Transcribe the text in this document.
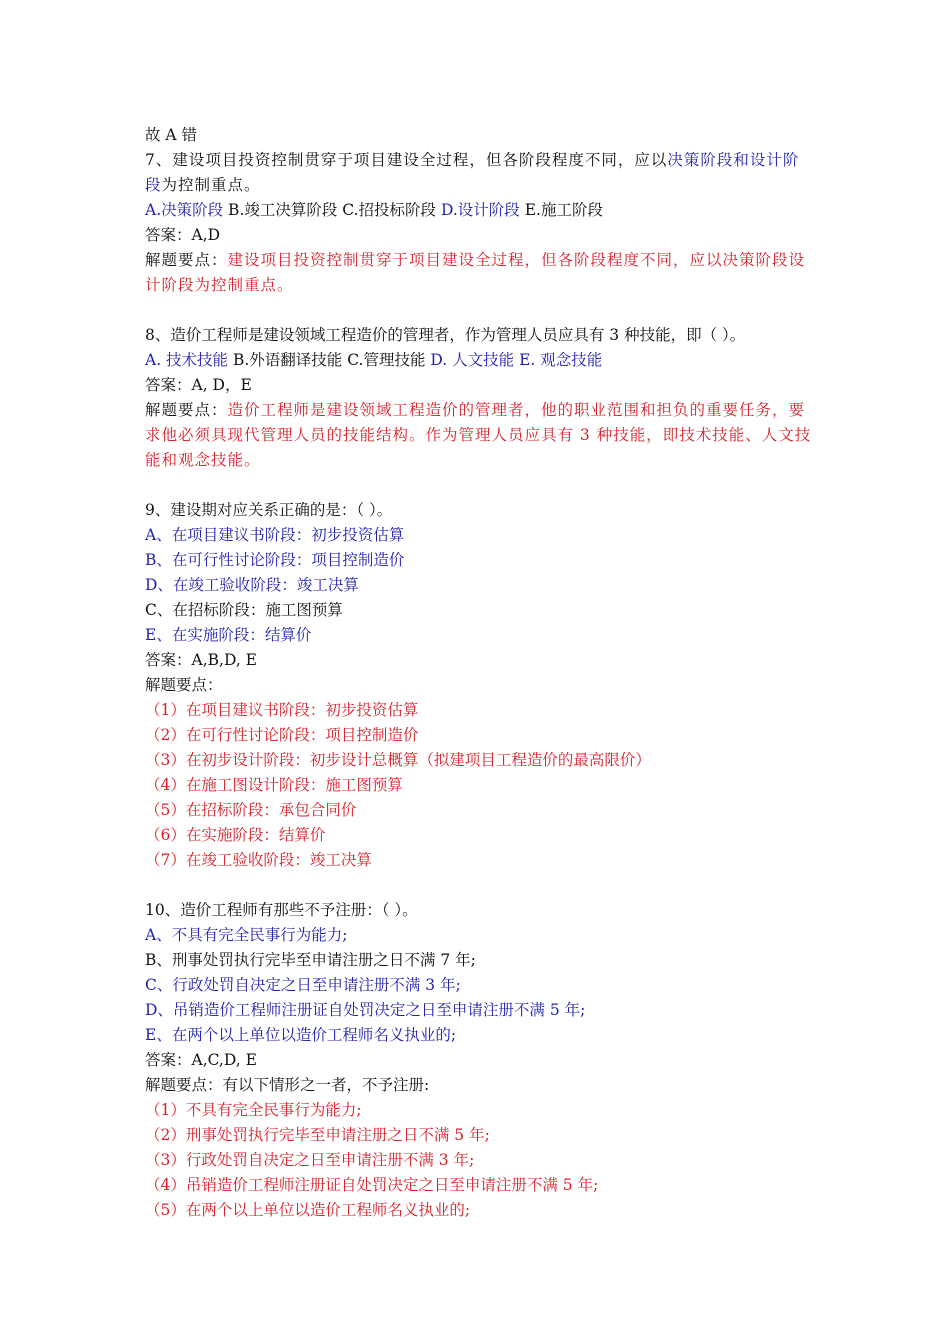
故 A 错

7、建设项目投资控制贯穿于项目建设全过程，但各阶段程度不同，应以决策阶段和设计阶段为控制重点。

A.决策阶段 B.竣工决算阶段 C.招投标阶段 D.设计阶段 E.施工阶段

答案：A,D

解题要点：建设项目投资控制贯穿于项目建设全过程，但各阶段程度不同，应以决策阶段设计阶段为控制重点。

8、造价工程师是建设领域工程造价的管理者，作为管理人员应具有 3 种技能，即（ ）。

A. 技术技能 B.外语翻译技能 C.管理技能 D. 人文技能 E. 观念技能

答案：A, D，E

解题要点：造价工程师是建设领域工程造价的管理者，他的职业范围和担负的重要任务，要求他必须具现代管理人员的技能结构。作为管理人员应具有 3 种技能，即技术技能、人文技能和观念技能。

9、建设期对应关系正确的是：（ ）。

A、在项目建议书阶段：初步投资估算

B、在可行性讨论阶段：项目控制造价

D、在竣工验收阶段：竣工决算

C、在招标阶段：施工图预算

E、在实施阶段：结算价

答案：A,B,D, E

解题要点：

（1）在项目建议书阶段：初步投资估算

（2）在可行性讨论阶段：项目控制造价

（3）在初步设计阶段：初步设计总概算（拟建项目工程造价的最高限价）

（4）在施工图设计阶段：施工图预算

（5）在招标阶段：承包合同价

（6）在实施阶段：结算价

（7）在竣工验收阶段：竣工决算

10、造价工程师有那些不予注册：（ ）。

A、不具有完全民事行为能力;

B、刑事处罚执行完毕至申请注册之日不满 7 年;

C、行政处罚自决定之日至申请注册不满 3 年;

D、吊销造价工程师注册证自处罚决定之日至申请注册不满 5 年;

E、在两个以上单位以造价工程师名义执业的;

答案：A,C,D, E

解题要点：有以下情形之一者，不予注册:

（1）不具有完全民事行为能力;

（2）刑事处罚执行完毕至申请注册之日不满 5 年;

（3）行政处罚自决定之日至申请注册不满 3 年;

（4）吊销造价工程师注册证自处罚决定之日至申请注册不满 5 年;

（5）在两个以上单位以造价工程师名义执业的;
